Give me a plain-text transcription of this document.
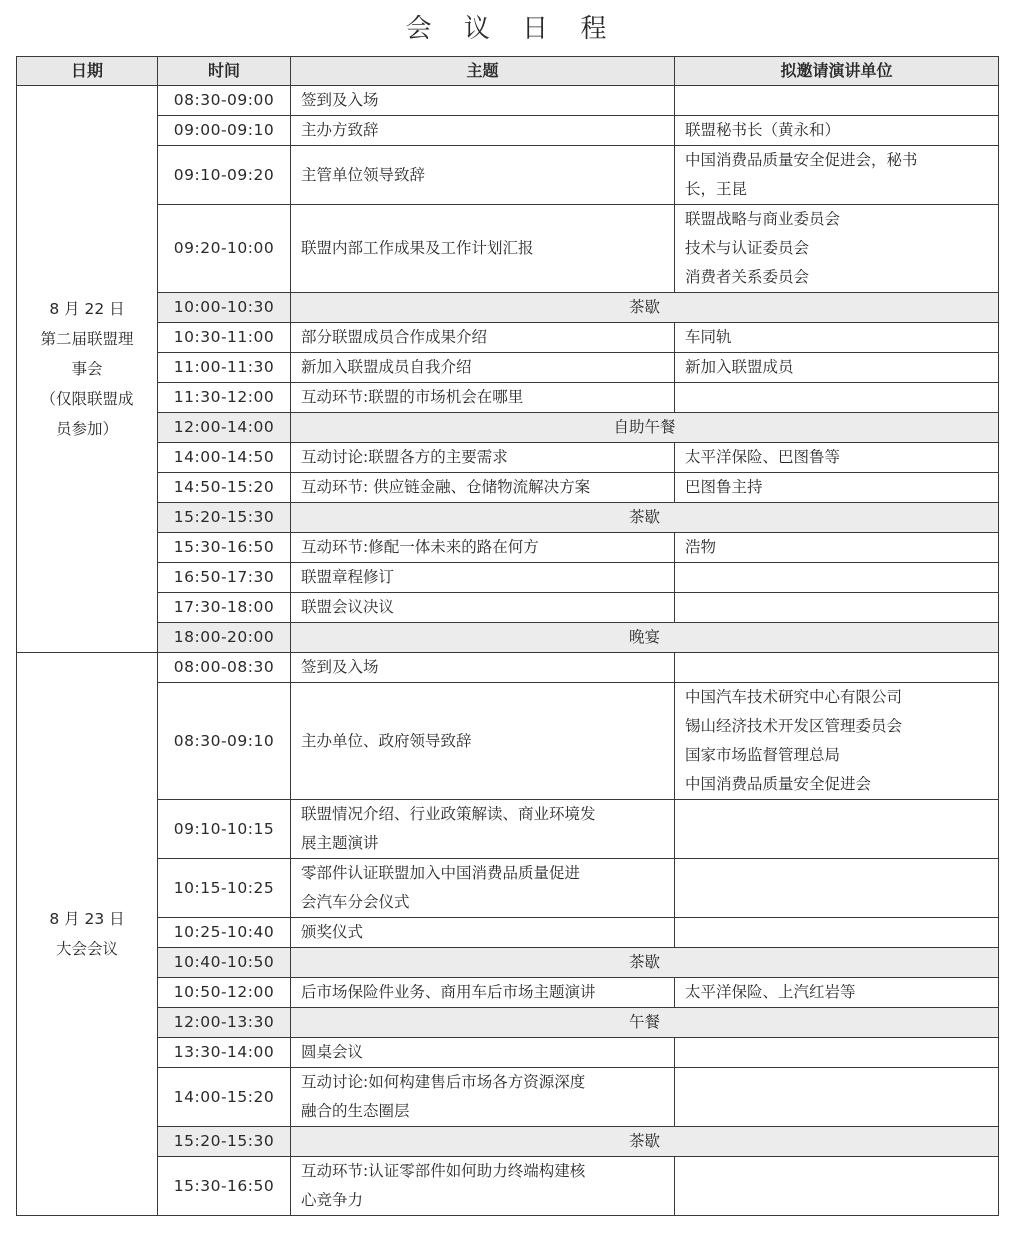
会 议 日 程
日期	时间	主题	拟邀请演讲单位

8 月 22 日
第二届联盟理
事会
（仅限联盟成
员参加）	08:30-09:00	签到及入场	
	09:00-09:10	主办方致辞	联盟秘书长（黄永和）
	09:10-09:20	主管单位领导致辞	中国消费品质量安全促进会，秘书
长，王昆

	09:20-10:00	联盟内部工作成果及工作计划汇报	联盟战略与商业委员会
技术与认证委员会
消费者关系委员会

	10:00-10:30	茶歇	
	10:30-11:00	部分联盟成员合作成果介绍	车同轨
	11:00-11:30	新加入联盟成员自我介绍	新加入联盟成员
	11:30-12:00	互动环节:联盟的市场机会在哪里	
	12:00-14:00	自助午餐	
	14:00-14:50	互动讨论:联盟各方的主要需求	太平洋保险、巴图鲁等
	14:50-15:20	互动环节: 供应链金融、仓储物流解决方案	巴图鲁主持
	15:20-15:30	茶歇	
	15:30-16:50	互动环节:修配一体未来的路在何方	浩物
	16:50-17:30	联盟章程修订	
	17:30-18:00	联盟会议决议	
	18:00-20:00	晚宴	

8 月 23 日
大会会议	08:00-08:30	签到及入场	
	08:30-09:10	主办单位、政府领导致辞	中国汽车技术研究中心有限公司
锡山经济技术开发区管理委员会
国家市场监督管理总局
中国消费品质量安全促进会

	09:10-10:15	联盟情况介绍、行业政策解读、商业环境发
展主题演讲	

	10:15-10:25	零部件认证联盟加入中国消费品质量促进
会汽车分会仪式	

	10:25-10:40	颁奖仪式	
	10:40-10:50	茶歇	
	10:50-12:00	后市场保险件业务、商用车后市场主题演讲	太平洋保险、上汽红岩等
	12:00-13:30	午餐	
	13:30-14:00	圆桌会议	
	14:00-15:20	互动讨论:如何构建售后市场各方资源深度
融合的生态圈层	

	15:20-15:30	茶歇	
	15:30-16:50	互动环节:认证零部件如何助力终端构建核
心竞争力	
